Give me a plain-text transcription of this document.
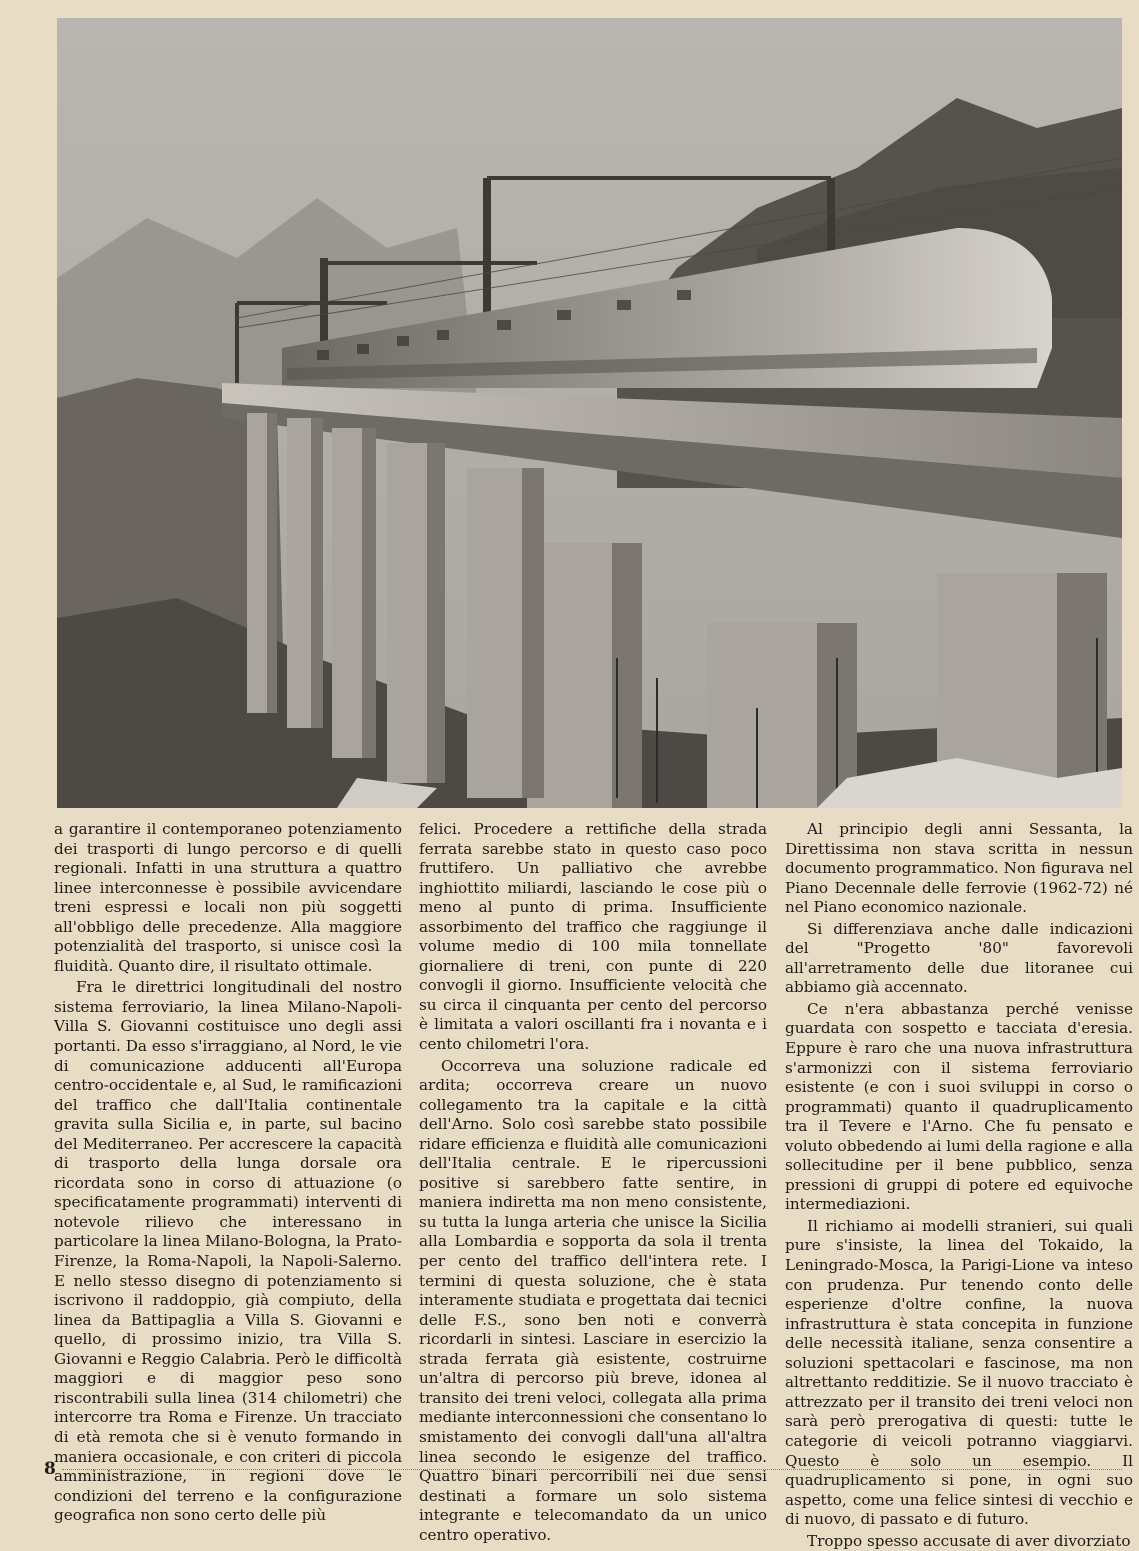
a garantire il contemporaneo potenziamento dei trasporti di lungo percorso e di quelli regionali. Infatti in una struttura a quattro linee interconnesse è possibile avvicendare treni espressi e locali non più soggetti all'obbligo delle precedenze. Alla maggiore potenzialità del trasporto, si unisce così la fluidità. Quanto dire, il risultato ottimale.

Fra le direttrici longitudinali del nostro sistema ferroviario, la linea Milano-Napoli-Villa S. Giovanni costituisce uno degli assi portanti. Da esso s'irraggiano, al Nord, le vie di comunicazione adducenti all'Europa centro-occidentale e, al Sud, le ramificazioni del traffico che dall'Italia continentale gravita sulla Sicilia e, in parte, sul bacino del Mediterraneo. Per accrescere la capacità di trasporto della lunga dorsale ora ricordata sono in corso di attuazione (o specificatamente programmati) interventi di notevole rilievo che interessano in particolare la linea Milano-Bologna, la Prato-Firenze, la Roma-Napoli, la Napoli-Salerno. E nello stesso disegno di potenziamento si iscrivono il raddoppio, già compiuto, della linea da Battipaglia a Villa S. Giovanni e quello, di prossimo inizio, tra Villa S. Giovanni e Reggio Calabria. Però le difficoltà maggiori e di maggior peso sono riscontrabili sulla linea (314 chilometri) che intercorre tra Roma e Firenze. Un tracciato di età remota che si è venuto formando in maniera occasionale, e con criteri di piccola amministrazione, in regioni dove le condizioni del terreno e la configurazione geografica non sono certo delle più

felici. Procedere a rettifiche della strada ferrata sarebbe stato in questo caso poco fruttifero. Un palliativo che avrebbe inghiottito miliardi, lasciando le cose più o meno al punto di prima. Insufficiente assorbimento del traffico che raggiunge il volume medio di 100 mila tonnellate giornaliere di treni, con punte di 220 convogli il giorno. Insufficiente velocità che su circa il cinquanta per cento del percorso è limitata a valori oscillanti fra i novanta e i cento chilometri l'ora.

Occorreva una soluzione radicale ed ardita; occorreva creare un nuovo collegamento tra la capitale e la città dell'Arno. Solo così sarebbe stato possibile ridare efficienza e fluidità alle comunicazioni dell'Italia centrale. E le ripercussioni positive si sarebbero fatte sentire, in maniera indiretta ma non meno consistente, su tutta la lunga arteria che unisce la Sicilia alla Lombardia e sopporta da sola il trenta per cento del traffico dell'intera rete. I termini di questa soluzione, che è stata interamente studiata e progettata dai tecnici delle F.S., sono ben noti e converrà ricordarli in sintesi. Lasciare in esercizio la strada ferrata già esistente, costruirne un'altra di percorso più breve, idonea al transito dei treni veloci, collegata alla prima mediante interconnessioni che consentano lo smistamento dei convogli dall'una all'altra linea secondo le esigenze del traffico. Quattro binari percorribili nei due sensi destinati a formare un solo sistema integrante e telecomandato da un unico centro operativo.

Al principio degli anni Sessanta, la Direttissima non stava scritta in nessun documento programmatico. Non figurava nel Piano Decennale delle ferrovie (1962-72) né nel Piano economico nazionale.

Si differenziava anche dalle indicazioni del "Progetto '80" favorevoli all'arretramento delle due litoranee cui abbiamo già accennato.

Ce n'era abbastanza perché venisse guardata con sospetto e tacciata d'eresia. Eppure è raro che una nuova infrastruttura s'armonizzi con il sistema ferroviario esistente (e con i suoi sviluppi in corso o programmati) quanto il quadruplicamento tra il Tevere e l'Arno. Che fu pensato e voluto obbedendo ai lumi della ragione e alla sollecitudine per il bene pubblico, senza pressioni di gruppi di potere ed equivoche intermediazioni.

Il richiamo ai modelli stranieri, sui quali pure s'insiste, la linea del Tokaido, la Leningrado-Mosca, la Parigi-Lione va inteso con prudenza. Pur tenendo conto delle esperienze d'oltre confine, la nuova infrastruttura è stata concepita in funzione delle necessità italiane, senza consentire a soluzioni spettacolari e fascinose, ma non altrettanto redditizie. Se il nuovo tracciato è attrezzato per il transito dei treni veloci non sarà però prerogativa di questi: tutte le categorie di veicoli potranno viaggiarvi. Questo è solo un esempio. Il quadruplicamento si pone, in ogni suo aspetto, come una felice sintesi di vecchio e di nuovo, di passato e di futuro.

Troppo spesso accusate di aver divorziato

8
